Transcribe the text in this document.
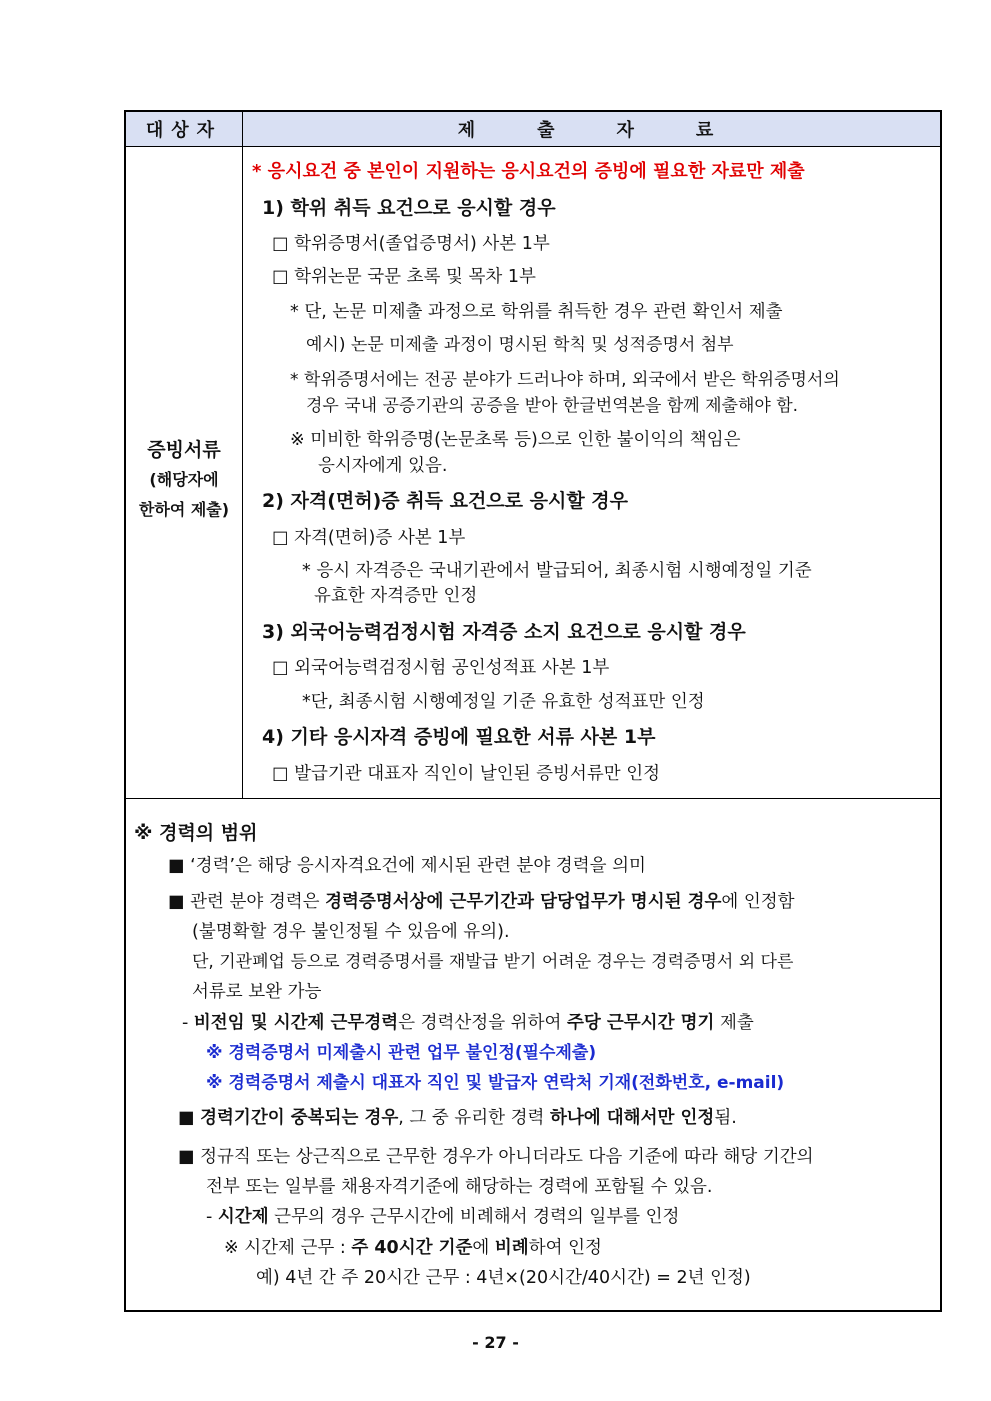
대상자	제출자료
증빙서류
(해당자에
한하여 제출)
* 응시요건 중 본인이 지원하는 응시요건의 증빙에 필요한 자료만 제출
1) 학위 취득 요건으로 응시할 경우
□ 학위증명서(졸업증명서) 사본 1부
□ 학위논문 국문 초록 및 목차 1부
* 단, 논문 미제출 과정으로 학위를 취득한 경우 관련 확인서 제출
예시) 논문 미제출 과정이 명시된 학칙 및 성적증명서 첨부
* 학위증명서에는 전공 분야가 드러나야 하며, 외국에서 받은 학위증명서의
경우 국내 공증기관의 공증을 받아 한글번역본을 함께 제출해야 함.
※ 미비한 학위증명(논문초록 등)으로 인한 불이익의 책임은
응시자에게 있음.
2) 자격(면허)증 취득 요건으로 응시할 경우
□ 자격(면허)증 사본 1부
* 응시 자격증은 국내기관에서 발급되어, 최종시험 시행예정일 기준
유효한 자격증만 인정
3) 외국어능력검정시험 자격증 소지 요건으로 응시할 경우
□ 외국어능력검정시험 공인성적표 사본 1부
*단, 최종시험 시행예정일 기준 유효한 성적표만 인정
4) 기타 응시자격 증빙에 필요한 서류 사본 1부
□ 발급기관 대표자 직인이 날인된 증빙서류만 인정
※ 경력의 범위
■ ‘경력’은 해당 응시자격요건에 제시된 관련 분야 경력을 의미
■ 관련 분야 경력은 경력증명서상에 근무기간과 담당업무가 명시된 경우에 인정함
(불명확할 경우 불인정될 수 있음에 유의).
단, 기관폐업 등으로 경력증명서를 재발급 받기 어려운 경우는 경력증명서 외 다른
서류로 보완 가능
- 비전임 및 시간제 근무경력은 경력산정을 위하여 주당 근무시간 명기 제출
※ 경력증명서 미제출시 관련 업무 불인정(필수제출)
※ 경력증명서 제출시 대표자 직인 및 발급자 연락처 기재(전화번호, e-mail)
■ 경력기간이 중복되는 경우, 그 중 유리한 경력 하나에 대해서만 인정됨.
■ 정규직 또는 상근직으로 근무한 경우가 아니더라도 다음 기준에 따라 해당 기간의
전부 또는 일부를 채용자격기준에 해당하는 경력에 포함될 수 있음.
- 시간제 근무의 경우 근무시간에 비례해서 경력의 일부를 인정
※ 시간제 근무 : 주 40시간 기준에 비례하여 인정
예) 4년 간 주 20시간 근무 : 4년×(20시간/40시간) = 2년 인정)
- 27 -
